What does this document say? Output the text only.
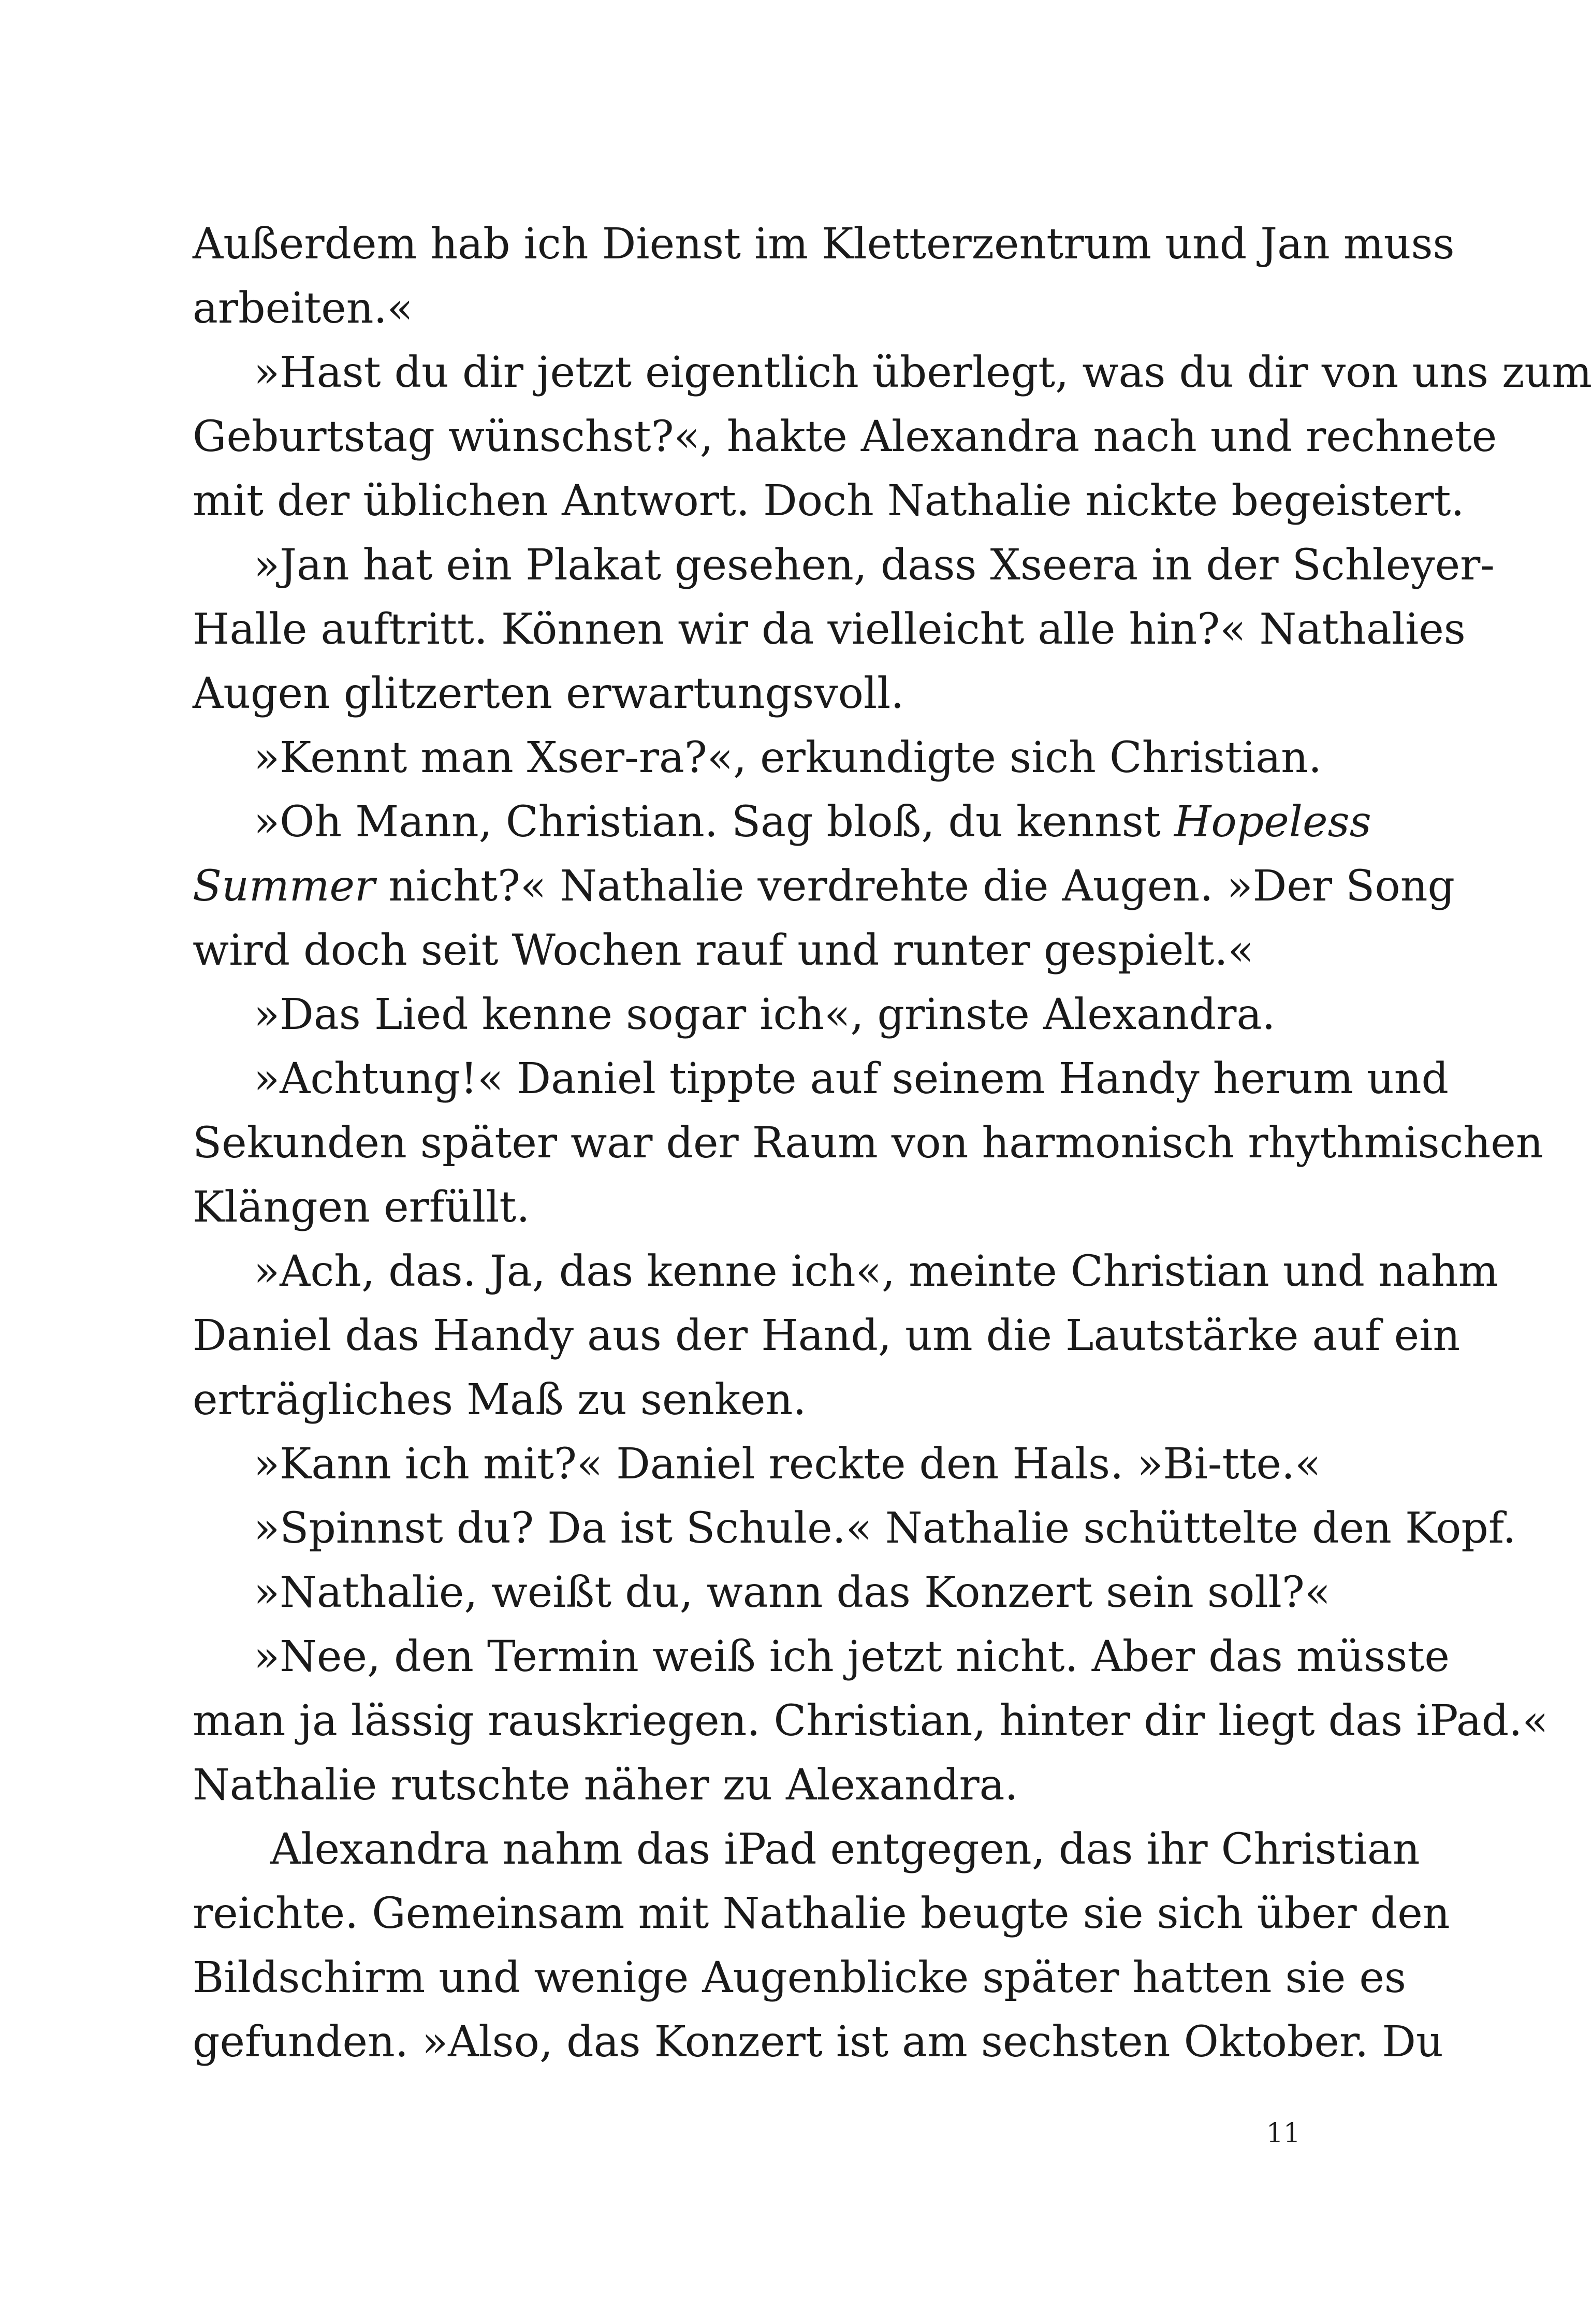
Außerdem hab ich Dienst im Kletterzentrum und Jan muss
arbeiten.«
»Hast du dir jetzt eigentlich überlegt, was du dir von uns zum
Geburtstag wünschst?«, hakte Alexandra nach und rechnete
mit der üblichen Antwort. Doch Nathalie nickte begeistert.
»Jan hat ein Plakat gesehen, dass Xseera in der Schleyer-
Halle auftritt. Können wir da vielleicht alle hin?« Nathalies
Augen glitzerten erwartungsvoll.
»Kennt man Xser-ra?«, erkundigte sich Christian.
»Oh Mann, Christian. Sag bloß, du kennst Hopeless
Summer nicht?« Nathalie verdrehte die Augen. »Der Song
wird doch seit Wochen rauf und runter gespielt.«
»Das Lied kenne sogar ich«, grinste Alexandra.
»Achtung!« Daniel tippte auf seinem Handy herum und
Sekunden später war der Raum von harmonisch rhythmischen
Klängen erfüllt.
»Ach, das. Ja, das kenne ich«, meinte Christian und nahm
Daniel das Handy aus der Hand, um die Lautstärke auf ein
erträgliches Maß zu senken.
»Kann ich mit?« Daniel reckte den Hals. »Bi-tte.«
»Spinnst du? Da ist Schule.« Nathalie schüttelte den Kopf.
»Nathalie, weißt du, wann das Konzert sein soll?«
»Nee, den Termin weiß ich jetzt nicht. Aber das müsste
man ja lässig rauskriegen. Christian, hinter dir liegt das iPad.«
Nathalie rutschte näher zu Alexandra.
Alexandra nahm das iPad entgegen, das ihr Christian
reichte. Gemeinsam mit Nathalie beugte sie sich über den
Bildschirm und wenige Augenblicke später hatten sie es
gefunden. »Also, das Konzert ist am sechsten Oktober. Du
11
